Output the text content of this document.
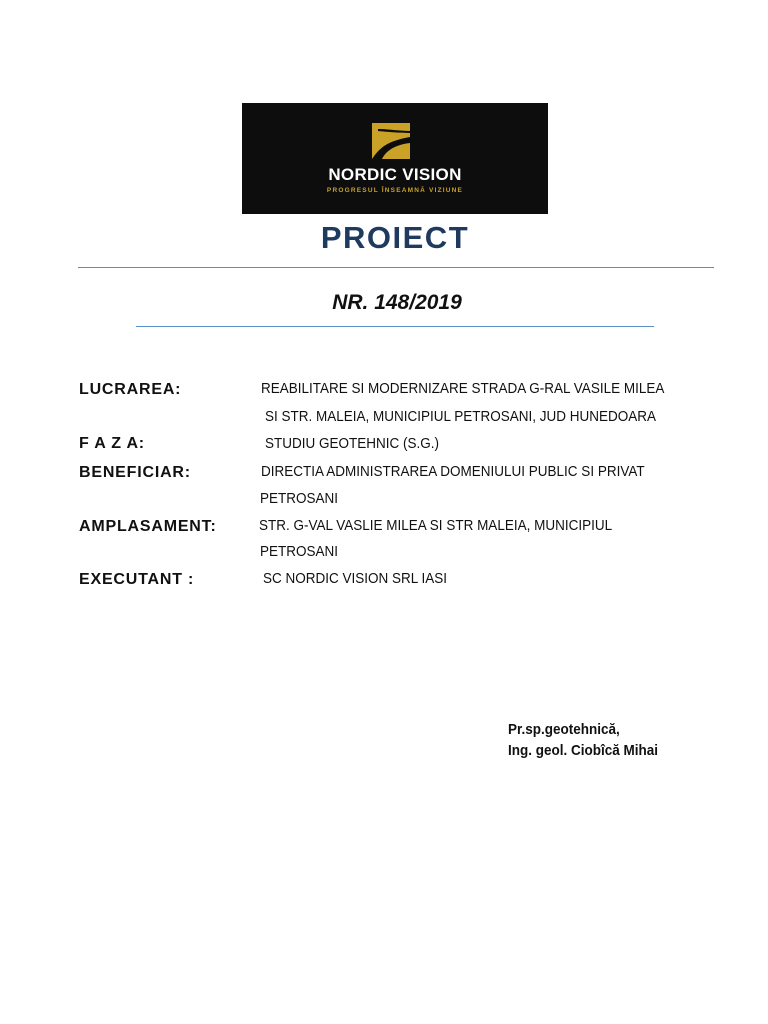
NORDIC VISION
PROGRESUL ÎNSEAMNĂ VIZIUNE
PROIECT
NR. 148/2019
LUCRAREA:	REABILITARE SI MODERNIZARE STRADA G-RAL VASILE MILEA
SI STR. MALEIA, MUNICIPIUL PETROSANI, JUD HUNEDOARA
F A Z A:	STUDIU GEOTEHNIC (S.G.)
BENEFICIAR:	DIRECTIA ADMINISTRAREA DOMENIULUI PUBLIC SI PRIVAT
PETROSANI
AMPLASAMENT:	STR. G-VAL VASLIE MILEA SI STR MALEIA, MUNICIPIUL
PETROSANI
EXECUTANT :	SC NORDIC VISION SRL IASI
Pr.sp.geotehnică,
Ing. geol. Ciobîcă Mihai
